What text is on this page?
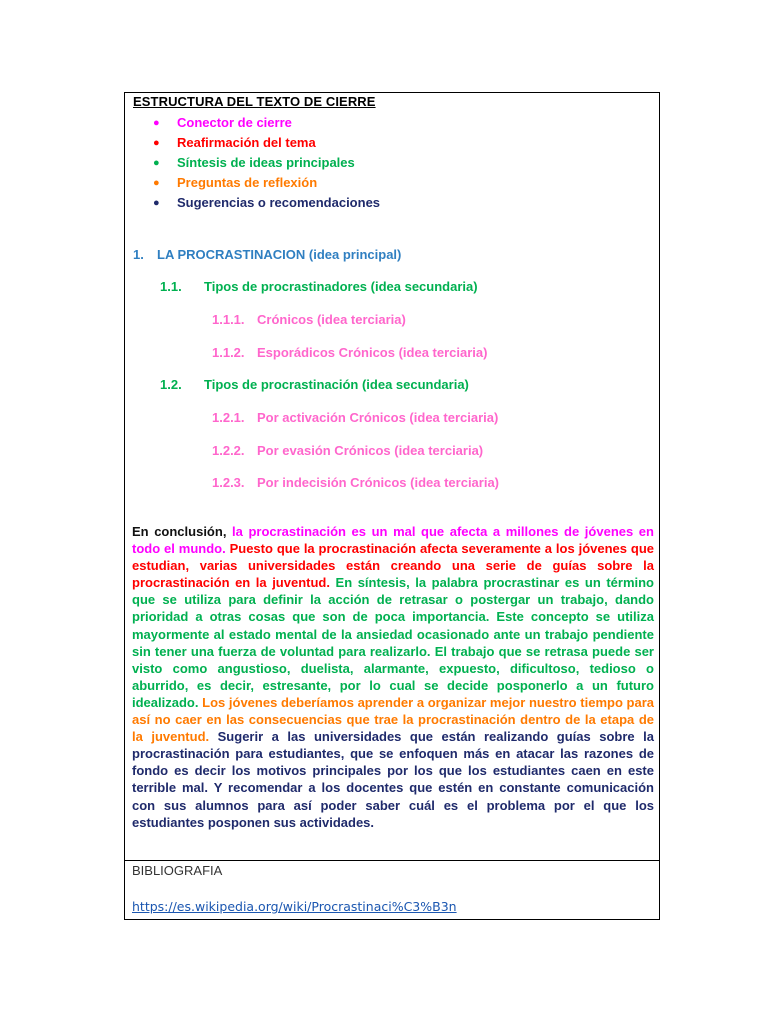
ESTRUCTURA DEL TEXTO DE CIERRE
● Conector de cierre
● Reafirmación del tema
● Síntesis de ideas principales
● Preguntas de reflexión
● Sugerencias o recomendaciones
1. LA PROCRASTINACION (idea principal)
1.1. Tipos de procrastinadores (idea secundaria)
1.1.1. Crónicos (idea terciaria)
1.1.2. Esporádicos Crónicos (idea terciaria)
1.2. Tipos de procrastinación (idea secundaria)
1.2.1. Por activación Crónicos (idea terciaria)
1.2.2. Por evasión Crónicos (idea terciaria)
1.2.3. Por indecisión Crónicos (idea terciaria)

En conclusión, la procrastinación es un mal que afecta a millones de jóvenes en todo el mundo. Puesto que la procrastinación afecta severamente a los jóvenes que estudian, varias universidades están creando una serie de guías sobre la procrastinación en la juventud. En síntesis, la palabra procrastinar es un término que se utiliza para definir la acción de retrasar o postergar un trabajo, dando prioridad a otras cosas que son de poca importancia. Este concepto se utiliza mayormente al estado mental de la ansiedad ocasionado ante un trabajo pendiente sin tener una fuerza de voluntad para realizarlo. El trabajo que se retrasa puede ser visto como angustioso, duelista, alarmante, expuesto, dificultoso, tedioso o aburrido, es decir, estresante, por lo cual se decide posponerlo a un futuro idealizado. Los jóvenes deberíamos aprender a organizar mejor nuestro tiempo para así no caer en las consecuencias que trae la procrastinación dentro de la etapa de la juventud. Sugerir a las universidades que están realizando guías sobre la procrastinación para estudiantes, que se enfoquen más en atacar las razones de fondo es decir los motivos principales por los que los estudiantes caen en este terrible mal. Y recomendar a los docentes que estén en constante comunicación con sus alumnos para así poder saber cuál es el problema por el que los estudiantes posponen sus actividades.

BIBLIOGRAFIA
https://es.wikipedia.org/wiki/Procrastinaci%C3%B3n
